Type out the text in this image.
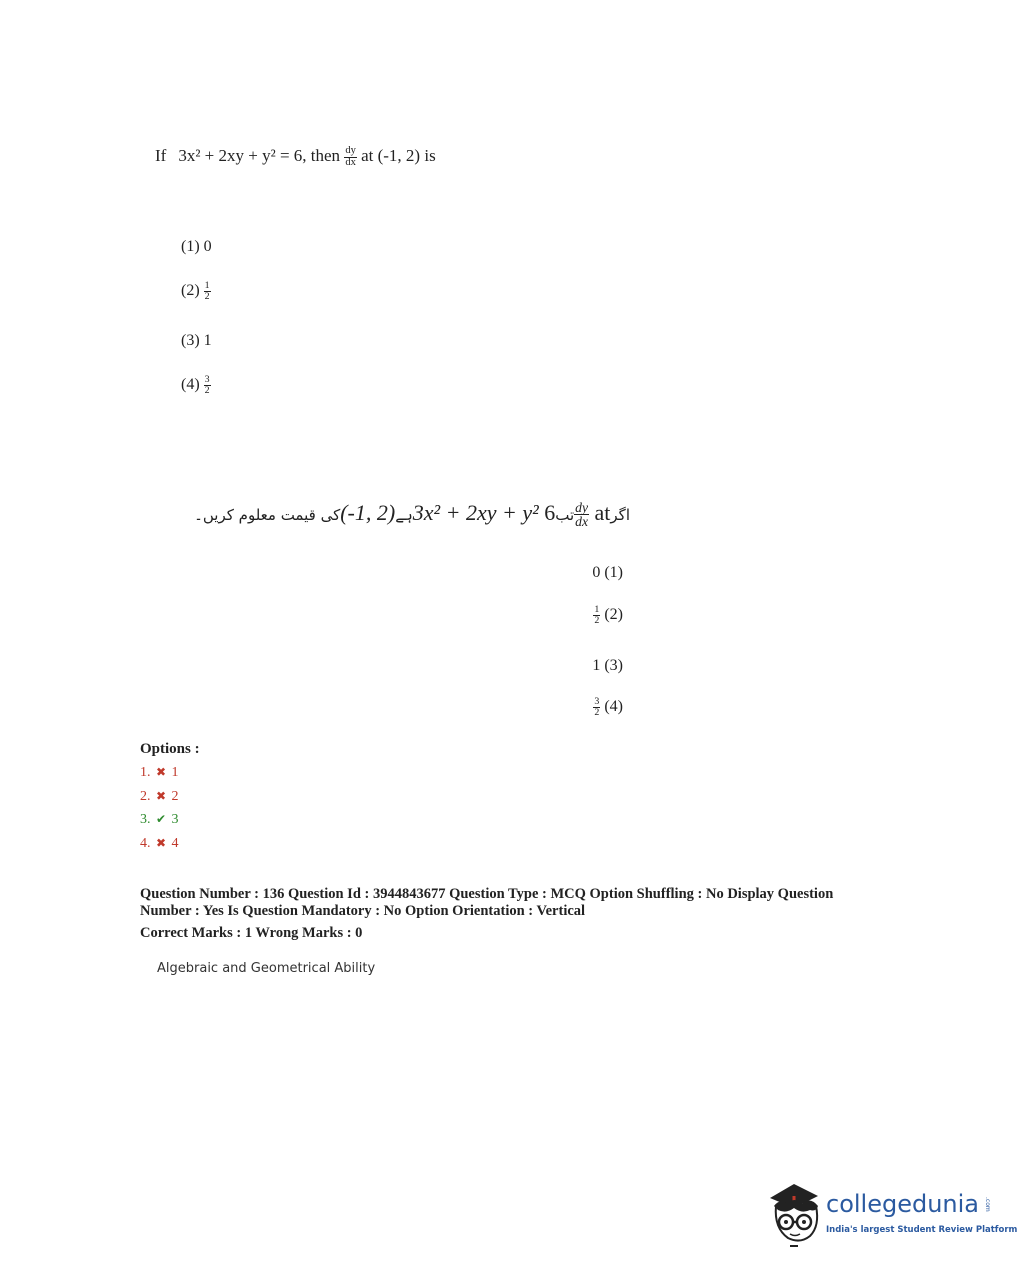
If 3x² + 2xy + y² = 6, then $\frac{dy}{dx}$ at (-1, 2) is
(1) 0
$(2) \frac{1}{2}$
(3) 1
$(4) \frac{3}{2}$
کی قیمت معلوم کریں۔(-1, 2)ہے3x² + 2xy + y² 6تب $\frac{dy}{dx}$ atاگر
0 (1)
$\frac{1}{2} (2)$
1 (3)
$\frac{3}{2} (4)$
Options :
1. ✖ 1
2. ✖ 2
3. ✔ 3
4. ✖ 4
Question Number : 136 Question Id : 3944843677 Question Type : MCQ Option Shuffling : No Display Question
Number : Yes Is Question Mandatory : No Option Orientation : Vertical
Correct Marks : 1 Wrong Marks : 0
Algebraic and Geometrical Ability
collegedunia .com
India's largest Student Review Platform
